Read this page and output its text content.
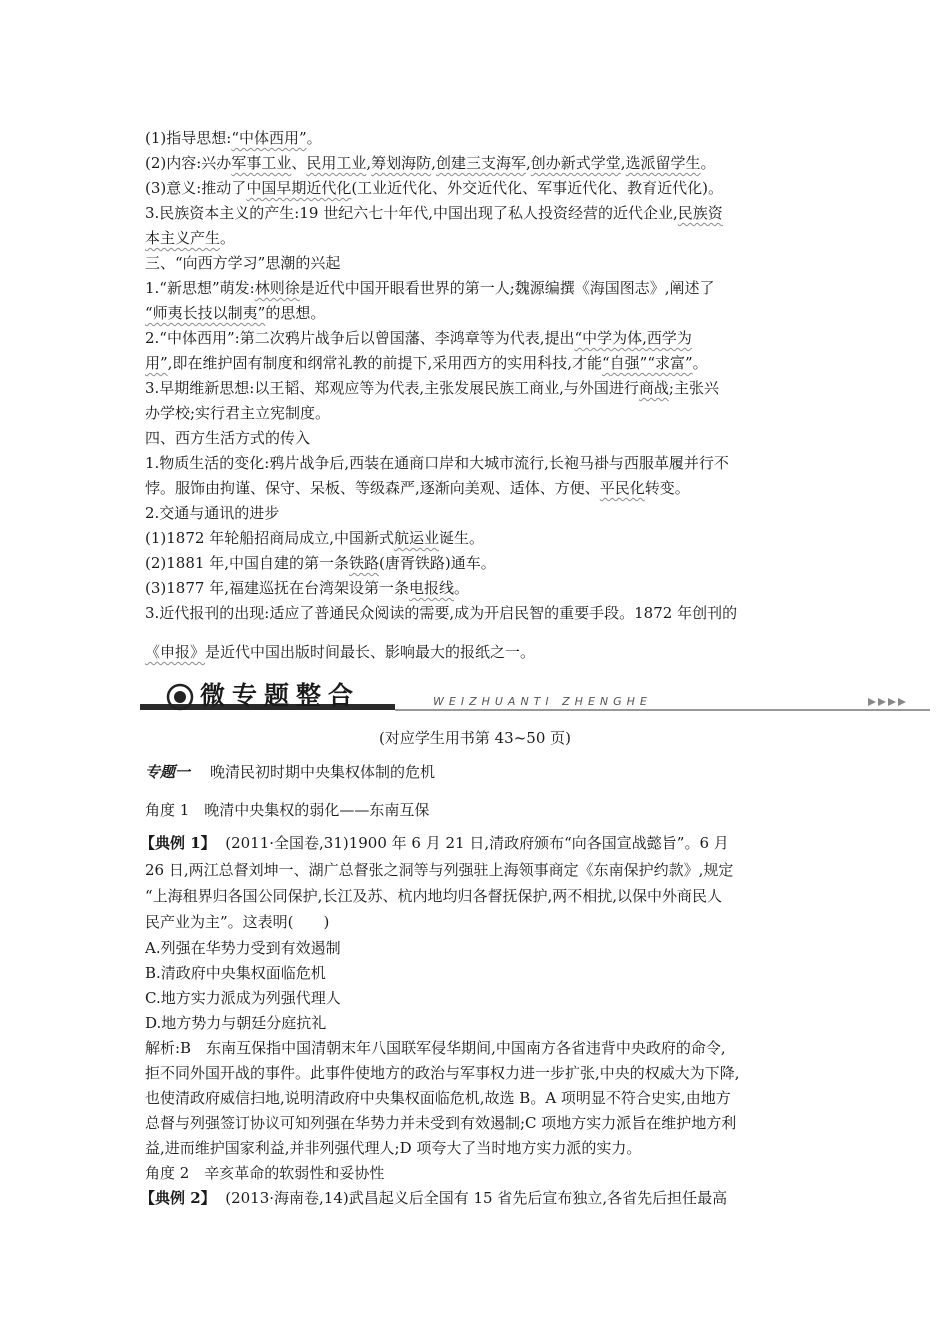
(1)指导思想:“中体西用”。
(2)内容:兴办军事工业、民用工业,筹划海防,创建三支海军,创办新式学堂,选派留学生。
(3)意义:推动了中国早期近代化(工业近代化、外交近代化、军事近代化、教育近代化)。
3.民族资本主义的产生:19 世纪六七十年代,中国出现了私人投资经营的近代企业,民族资
本主义产生。
三、“向西方学习”思潮的兴起
1.“新思想”萌发:林则徐是近代中国开眼看世界的第一人;魏源编撰《海国图志》,阐述了
“师夷长技以制夷”的思想。
2.“中体西用”:第二次鸦片战争后以曾国藩、李鸿章等为代表,提出“中学为体,西学为
用”,即在维护固有制度和纲常礼教的前提下,采用西方的实用科技,才能“自强”“求富”。
3.早期维新思想:以王韬、郑观应等为代表,主张发展民族工商业,与外国进行商战;主张兴
办学校;实行君主立宪制度。
四、西方生活方式的传入
1.物质生活的变化:鸦片战争后,西装在通商口岸和大城市流行,长袍马褂与西服革履并行不
悖。服饰由拘谨、保守、呆板、等级森严,逐渐向美观、适体、方便、平民化转变。
2.交通与通讯的进步
(1)1872 年轮船招商局成立,中国新式航运业诞生。
(2)1881 年,中国自建的第一条铁路(唐胥铁路)通车。
(3)1877 年,福建巡抚在台湾架设第一条电报线。
3.近代报刊的出现:适应了普通民众阅读的需要,成为开启民智的重要手段。1872 年创刊的
《申报》是近代中国出版时间最长、影响最大的报纸之一。
微专题整合	WEIZHUANTI ZHENGHE
(对应学生用书第 43~50 页)
专题一 晚清民初时期中央集权体制的危机
角度 1　晚清中央集权的弱化——东南互保
【典例 1】 (2011·全国卷,31)1900 年 6 月 21 日,清政府颁布“向各国宣战懿旨”。6 月
26 日,两江总督刘坤一、湖广总督张之洞等与列强驻上海领事商定《东南保护约款》,规定
“上海租界归各国公同保护,长江及苏、杭内地均归各督抚保护,两不相扰,以保中外商民人
民产业为主”。这表明(　　)
A.列强在华势力受到有效遏制
B.清政府中央集权面临危机
C.地方实力派成为列强代理人
D.地方势力与朝廷分庭抗礼
解析:B　东南互保指中国清朝末年八国联军侵华期间,中国南方各省违背中央政府的命令,
拒不同外国开战的事件。此事件使地方的政治与军事权力进一步扩张,中央的权威大为下降,
也使清政府威信扫地,说明清政府中央集权面临危机,故选 B。A 项明显不符合史实,由地方
总督与列强签订协议可知列强在华势力并未受到有效遏制;C 项地方实力派旨在维护地方利
益,进而维护国家利益,并非列强代理人;D 项夸大了当时地方实力派的实力。
角度 2　辛亥革命的软弱性和妥协性
【典例 2】 (2013·海南卷,14)武昌起义后全国有 15 省先后宣布独立,各省先后担任最高
